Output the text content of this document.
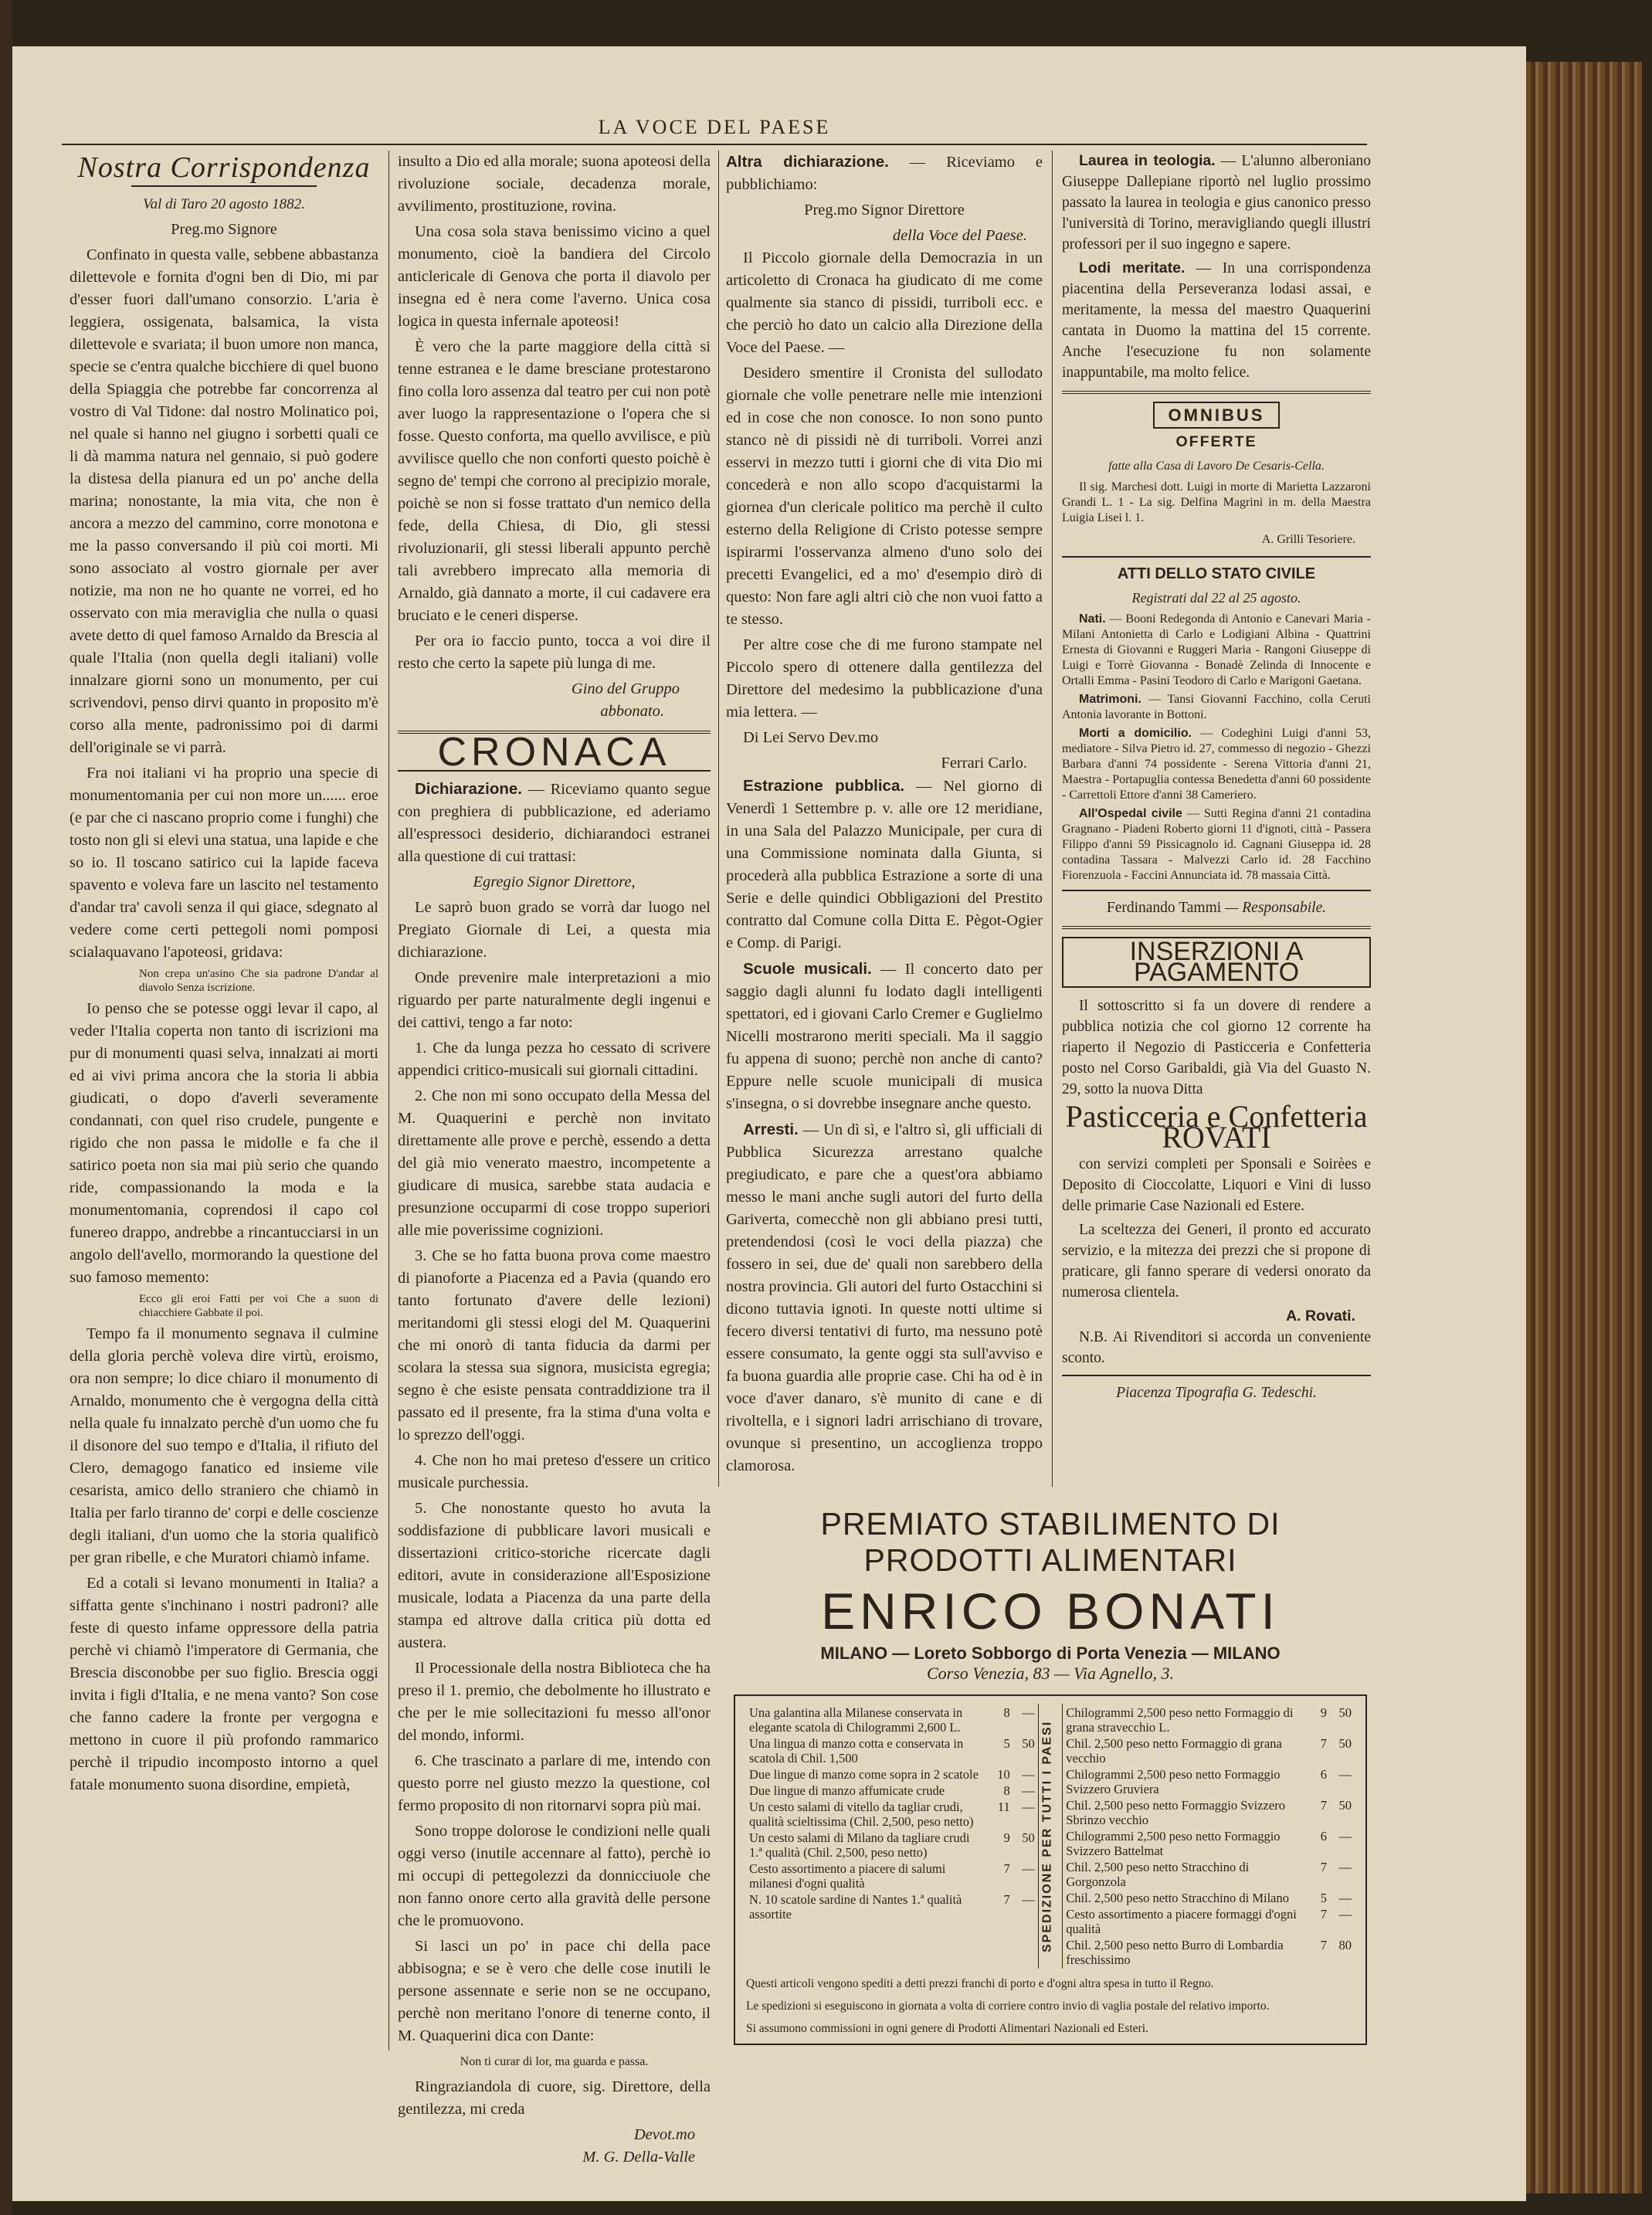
LA VOCE DEL PAESE
Nostra Corrispondenza
Val di Taro 20 agosto 1882.

Preg.mo Signore

Confinato in questa valle, sebbene abbastanza dilettevole e fornita d'ogni ben di Dio, mi par d'esser fuori dall'umano consorzio. L'aria è leggiera, ossigenata, balsamica, la vista dilettevole e svariata; il buon umore non manca, specie se c'entra qualche bicchiere di quel buono della Spiaggia che potrebbe far concorrenza al vostro di Val Tidone: dal nostro Molinatico poi, nel quale si hanno nel giugno i sorbetti quali ce li dà mamma natura nel gennaio, si può godere la distesa della pianura ed un po' anche della marina; nonostante, la mia vita, che non è ancora a mezzo del cammino, corre monotona e me la passo conversando il più coi morti. Mi sono associato al vostro giornale per aver notizie, ma non ne ho quante ne vorrei, ed ho osservato con mia meraviglia che nulla o quasi avete detto di quel famoso Arnaldo da Brescia al quale l'Italia (non quella degli italiani) volle innalzare giorni sono un monumento, per cui scrivendovi, penso dirvi quanto in proposito m'è corso alla mente, padronissimo poi di darmi dell'originale se vi parrà.

Fra noi italiani vi ha proprio una specie di monumentomania per cui non more un...... eroe (e par che ci nascano proprio come i funghi) che tosto non gli si elevi una statua, una lapide e che so io. Il toscano satirico cui la lapide faceva spavento e voleva fare un lascito nel testamento d'andar tra' cavoli senza il qui giace, sdegnato al vedere come certi pettegoli nomi pomposi scialaquavano l'apoteosi, gridava:

Non crepa un'asino Che sia padrone D'andar al diavolo Senza iscrizione.

Io penso che se potesse oggi levar il capo, al veder l'Italia coperta non tanto di iscrizioni ma pur di monumenti quasi selva, innalzati ai morti ed ai vivi prima ancora che la storia li abbia giudicati, o dopo d'averli severamente condannati, con quel riso crudele, pungente e rigido che non passa le midolle e fa che il satirico poeta non sia mai più serio che quando ride, compassionando la moda e la monumentomania, coprendosi il capo col funereo drappo, andrebbe a rincantucciarsi in un angolo dell'avello, mormorando la questione del suo famoso memento:

Ecco gli eroi Fatti per voi Che a suon di chiacchiere Gabbate il poi.

Tempo fa il monumento segnava il culmine della gloria perchè voleva dire virtù, eroismo, ora non sempre; lo dice chiaro il monumento di Arnaldo, monumento che è vergogna della città nella quale fu innalzato perchè d'un uomo che fu il disonore del suo tempo e d'Italia, il rifiuto del Clero, demagogo fanatico ed insieme vile cesarista, amico dello straniero che chiamò in Italia per farlo tiranno de' corpi e delle coscienze degli italiani, d'un uomo che la storia qualificò per gran ribelle, e che Muratori chiamò infame.

Ed a cotali si levano monumenti in Italia? a siffatta gente s'inchinano i nostri padroni? alle feste di questo infame oppressore della patria perchè vi chiamò l'imperatore di Germania, che Brescia disconobbe per suo figlio. Brescia oggi invita i figli d'Italia, e ne mena vanto? Son cose che fanno cadere la fronte per vergogna e mettono in cuore il più profondo rammarico perchè il tripudio incomposto intorno a quel fatale monumento suona disordine, empietà,

insulto a Dio ed alla morale; suona apoteosi della rivoluzione sociale, decadenza morale, avvilimento, prostituzione, rovina.

Una cosa sola stava benissimo vicino a quel monumento, cioè la bandiera del Circolo anticlericale di Genova che porta il diavolo per insegna ed è nera come l'averno. Unica cosa logica in questa infernale apoteosi!

È vero che la parte maggiore della città si tenne estranea e le dame bresciane protestarono fino colla loro assenza dal teatro per cui non potè aver luogo la rappresentazione o l'opera che si fosse. Questo conforta, ma quello avvilisce, e più avvilisce quello che non conforti questo poichè è segno de' tempi che corrono al precipizio morale, poichè se non si fosse trattato d'un nemico della fede, della Chiesa, di Dio, gli stessi rivoluzionarii, gli stessi liberali appunto perchè tali avrebbero imprecato alla memoria di Arnaldo, già dannato a morte, il cui cadavere era bruciato e le ceneri disperse.

Per ora io faccio punto, tocca a voi dire il resto che certo la sapete più lunga di me.

Gino del Gruppo

abbonato.

CRONACA

Dichiarazione. — Riceviamo quanto segue con preghiera di pubblicazione, ed aderiamo all'espressoci desiderio, dichiarandoci estranei alla questione di cui trattasi:

Egregio Signor Direttore,

Le saprò buon grado se vorrà dar luogo nel Pregiato Giornale di Lei, a questa mia dichiarazione.

Onde prevenire male interpretazioni a mio riguardo per parte naturalmente degli ingenui e dei cattivi, tengo a far noto:

1. Che da lunga pezza ho cessato di scrivere appendici critico-musicali sui giornali cittadini.

2. Che non mi sono occupato della Messa del M. Quaquerini e perchè non invitato direttamente alle prove e perchè, essendo a detta del già mio venerato maestro, incompetente a giudicare di musica, sarebbe stata audacia e presunzione occuparmi di cose troppo superiori alle mie poverissime cognizioni.

3. Che se ho fatta buona prova come maestro di pianoforte a Piacenza ed a Pavia (quando ero tanto fortunato d'avere delle lezioni) meritandomi gli stessi elogi del M. Quaquerini che mi onorò di tanta fiducia da darmi per scolara la stessa sua signora, musicista egregia; segno è che esiste pensata contraddizione tra il passato ed il presente, fra la stima d'una volta e lo sprezzo dell'oggi.

4. Che non ho mai preteso d'essere un critico musicale purchessia.

5. Che nonostante questo ho avuta la soddisfazione di pubblicare lavori musicali e dissertazioni critico-storiche ricercate dagli editori, avute in considerazione all'Esposizione musicale, lodata a Piacenza da una parte della stampa ed altrove dalla critica più dotta ed austera.

Il Processionale della nostra Biblioteca che ha preso il 1. premio, che debolmente ho illustrato e che per le mie sollecitazioni fu messo all'onor del mondo, informi.

6. Che trascinato a parlare di me, intendo con questo porre nel giusto mezzo la questione, col fermo proposito di non ritornarvi sopra più mai.

Sono troppe dolorose le condizioni nelle quali oggi verso (inutile accennare al fatto), perchè io mi occupi di pettegolezzi da donnicciuole che non fanno onore certo alla gravità delle persone che le promuovono.

Si lasci un po' in pace chi della pace abbisogna; e se è vero che delle cose inutili le persone assennate e serie non se ne occupano, perchè non meritano l'onore di tenerne conto, il M. Quaquerini dica con Dante:

Non ti curar di lor, ma guarda e passa.

Ringraziandola di cuore, sig. Direttore, della gentilezza, mi creda

Devot.mo

M. G. Della-Valle

Altra dichiarazione. — Riceviamo e pubblichiamo:

Preg.mo Signor Direttore

della Voce del Paese.

Il Piccolo giornale della Democrazia in un articoletto di Cronaca ha giudicato di me come qualmente sia stanco di pissidi, turriboli ecc. e che perciò ho dato un calcio alla Direzione della Voce del Paese. —

Desidero smentire il Cronista del sullodato giornale che volle penetrare nelle mie intenzioni ed in cose che non conosce. Io non sono punto stanco nè di pissidi nè di turriboli. Vorrei anzi esservi in mezzo tutti i giorni che di vita Dio mi concederà e non allo scopo d'acquistarmi la giornea d'un clericale politico ma perchè il culto esterno della Religione di Cristo potesse sempre ispirarmi l'osservanza almeno d'uno solo dei precetti Evangelici, ed a mo' d'esempio dirò di questo: Non fare agli altri ciò che non vuoi fatto a te stesso.

Per altre cose che di me furono stampate nel Piccolo spero di ottenere dalla gentilezza del Direttore del medesimo la pubblicazione d'una mia lettera. —

Di Lei Servo Dev.mo

Ferrari Carlo.

Estrazione pubblica. — Nel giorno di Venerdì 1 Settembre p. v. alle ore 12 meridiane, in una Sala del Palazzo Municipale, per cura di una Commissione nominata dalla Giunta, si procederà alla pubblica Estrazione a sorte di una Serie e delle quindici Obbligazioni del Prestito contratto dal Comune colla Ditta E. Pègot-Ogier e Comp. di Parigi.

Scuole musicali. — Il concerto dato per saggio dagli alunni fu lodato dagli intelligenti spettatori, ed i giovani Carlo Cremer e Guglielmo Nicelli mostrarono meriti speciali. Ma il saggio fu appena di suono; perchè non anche di canto? Eppure nelle scuole municipali di musica s'insegna, o si dovrebbe insegnare anche questo.

Arresti. — Un dì sì, e l'altro sì, gli ufficiali di Pubblica Sicurezza arrestano qualche pregiudicato, e pare che a quest'ora abbiamo messo le mani anche sugli autori del furto della Gariverta, comecchè non gli abbiano presi tutti, pretendendosi (così le voci della piazza) che fossero in sei, due de' quali non sarebbero della nostra provincia. Gli autori del furto Ostacchini si dicono tuttavia ignoti. In queste notti ultime si fecero diversi tentativi di furto, ma nessuno potè essere consumato, la gente oggi sta sull'avviso e fa buona guardia alle proprie case. Chi ha od è in voce d'aver danaro, s'è munito di cane e di rivoltella, e i signori ladri arrischiano di trovare, ovunque si presentino, un accoglienza troppo clamorosa.

Laurea in teologia. — L'alunno alberoniano Giuseppe Dallepiane riportò nel luglio prossimo passato la laurea in teologia e gius canonico presso l'università di Torino, meravigliando quegli illustri professori per il suo ingegno e sapere.

Lodi meritate. — In una corrispondenza piacentina della Perseveranza lodasi assai, e meritamente, la messa del maestro Quaquerini cantata in Duomo la mattina del 15 corrente. Anche l'esecuzione fu non solamente inappuntabile, ma molto felice.

OMNIBUS

OFFERTE

fatte alla Casa di Lavoro De Cesaris-Cella.

Il sig. Marchesi dott. Luigi in morte di Marietta Lazzaroni Grandi L. 1 - La sig. Delfina Magrini in m. della Maestra Luigia Lisei l. 1.

A. Grilli Tesoriere.

ATTI DELLO STATO CIVILE

Registrati dal 22 al 25 agosto.

Nati. — Booni Redegonda di Antonio e Canevari Maria - Milani Antonietta di Carlo e Lodigiani Albina - Quattrini Ernesta di Giovanni e Ruggeri Maria - Rangoni Giuseppe di Luigi e Torrè Giovanna - Bonadè Zelinda di Innocente e Ortalli Emma - Pasini Teodoro di Carlo e Marigoni Gaetana.

Matrimoni. — Tansi Giovanni Facchino, colla Ceruti Antonia lavorante in Bottoni.

Morti a domicilio. — Codeghini Luigi d'anni 53, mediatore - Silva Pietro id. 27, commesso di negozio - Ghezzi Barbara d'anni 74 possidente - Serena Vittoria d'anni 21, Maestra - Portapuglia contessa Benedetta d'anni 60 possidente - Carrettoli Ettore d'anni 38 Cameriero.

All'Ospedal civile — Sutti Regina d'anni 21 contadina Gragnano - Piadeni Roberto giorni 11 d'ignoti, città - Passera Filippo d'anni 59 Pissicagnolo id. Cagnani Giuseppa id. 28 contadina Tassara - Malvezzi Carlo id. 28 Facchino Fiorenzuola - Faccini Annunciata id. 78 massaia Città.

Ferdinando Tammi — Responsabile.

INSERZIONI A PAGAMENTO

Il sottoscritto si fa un dovere di rendere a pubblica notizia che col giorno 12 corrente ha riaperto il Negozio di Pasticceria e Confetteria posto nel Corso Garibaldi, già Via del Guasto N. 29, sotto la nuova Ditta

Pasticceria e Confetteria ROVATI

con servizi completi per Sponsali e Soirèes e Deposito di Cioccolatte, Liquori e Vini di lusso delle primarie Case Nazionali ed Estere.

La sceltezza dei Generi, il pronto ed accurato servizio, e la mitezza dei prezzi che si propone di praticare, gli fanno sperare di vedersi onorato da numerosa clientela.

A. Rovati.

N.B. Ai Rivenditori si accorda un conveniente sconto.

Piacenza Tipografia G. Tedeschi.

PREMIATO STABILIMENTO DI PRODOTTI ALIMENTARI
ENRICO BONATI
MILANO — Loreto Sobborgo di Porta Venezia — MILANO
Corso Venezia, 83 — Via Agnello, 3.
Una galantina alla Milanese conservata in elegante scatola di Chilogrammi 2,600 L.	8	—
Una lingua di manzo cotta e conservata in scatola di Chil. 1,500	5	50
Due lingue di manzo come sopra in 2 scatole	10	—
Due lingue di manzo affumicate crude	8	—
Un cesto salami di vitello da tagliar crudi, qualità scieltissima (Chil. 2,500, peso netto)	11	—
Un cesto salami di Milano da tagliare crudi 1.ª qualità (Chil. 2,500, peso netto)	9	50
Cesto assortimento a piacere di salumi milanesi d'ogni qualità	7	—
N. 10 scatole sardine di Nantes 1.ª qualità assortite	7	—
	SPEDIZIONE PER TUTTI I PAESI	
Chilogrammi 2,500 peso netto Formaggio di grana stravecchio L.	9	50
Chil. 2,500 peso netto Formaggio di grana vecchio	7	50
Chilogrammi 2,500 peso netto Formaggio Svizzero Gruviera	6	—
Chil. 2,500 peso netto Formaggio Svizzero Sbrinzo vecchio	7	50
Chilogrammi 2,500 peso netto Formaggio Svizzero Battelmat	6	—
Chil. 2,500 peso netto Stracchino di Gorgonzola	7	—
Chil. 2,500 peso netto Stracchino di Milano	5	—
Cesto assortimento a piacere formaggi d'ogni qualità	7	—
Chil. 2,500 peso netto Burro di Lombardia freschissimo	7	80
Questi articoli vengono spediti a detti prezzi franchi di porto e d'ogni altra spesa in tutto il Regno.
Le spedizioni si eseguiscono in giornata a volta di corriere contro invio di vaglia postale del relativo importo.
Si assumono commissioni in ogni genere di Prodotti Alimentari Nazionali ed Esteri.
